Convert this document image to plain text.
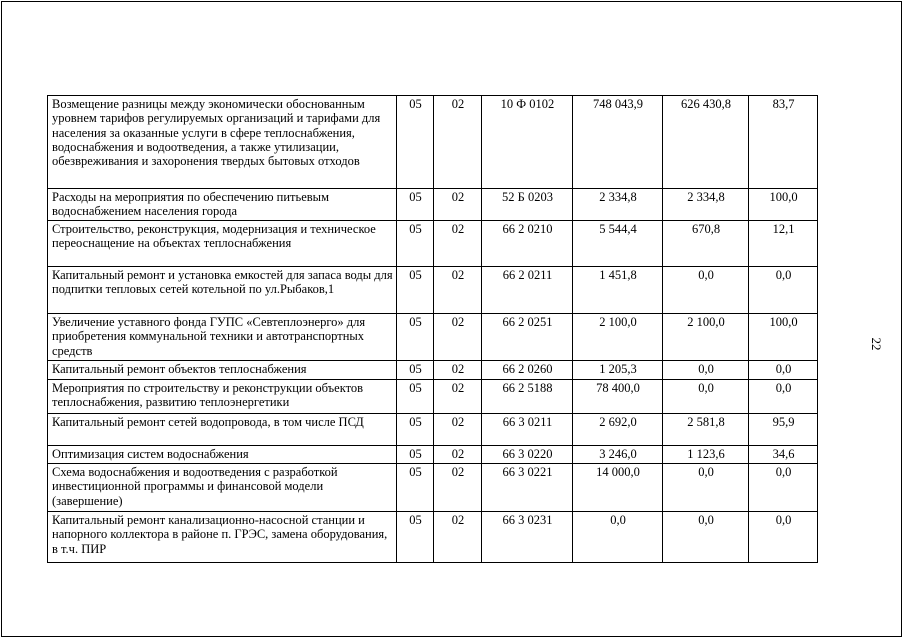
Возмещение разницы между экономически обоснованным уровнем тарифов регулируемых организаций и тарифами для населения за оказанные услуги в сфере теплоснабжения, водоснабжения и водоотведения, а также утилизации, обезвреживания и захоронения твердых бытовых отходов	05	02	10 Ф 0102	748 043,9	626 430,8	83,7
Расходы на мероприятия по обеспечению питьевым водоснабжением населения города	05	02	52 Б 0203	2 334,8	2 334,8	100,0
Строительство, реконструкция, модернизация и техническое переоснащение на объектах теплоснабжения	05	02	66 2 0210	5 544,4	670,8	12,1
Капитальный ремонт и установка емкостей для запаса воды для подпитки тепловых сетей котельной по ул.Рыбаков,1	05	02	66 2 0211	1 451,8	0,0	0,0
Увеличение уставного фонда ГУПС «Севтеплоэнерго» для приобретения коммунальной техники и автотранспортных средств	05	02	66 2 0251	2 100,0	2 100,0	100,0
Капитальный ремонт объектов теплоснабжения	05	02	66 2 0260	1 205,3	0,0	0,0
Мероприятия по строительству и реконструкции объектов теплоснабжения, развитию теплоэнергетики	05	02	66 2 5188	78 400,0	0,0	0,0
Капитальный ремонт сетей водопровода, в том числе ПСД	05	02	66 3 0211	2 692,0	2 581,8	95,9
Оптимизация систем водоснабжения	05	02	66 3 0220	3 246,0	1 123,6	34,6
Схема водоснабжения и водоотведения с разработкой инвестиционной программы и финансовой модели (завершение)	05	02	66 3 0221	14 000,0	0,0	0,0
Капитальный ремонт канализационно-насосной станции и напорного коллектора в районе п. ГРЭС, замена оборудования, в т.ч. ПИР	05	02	66 3 0231	0,0	0,0	0,0
22
